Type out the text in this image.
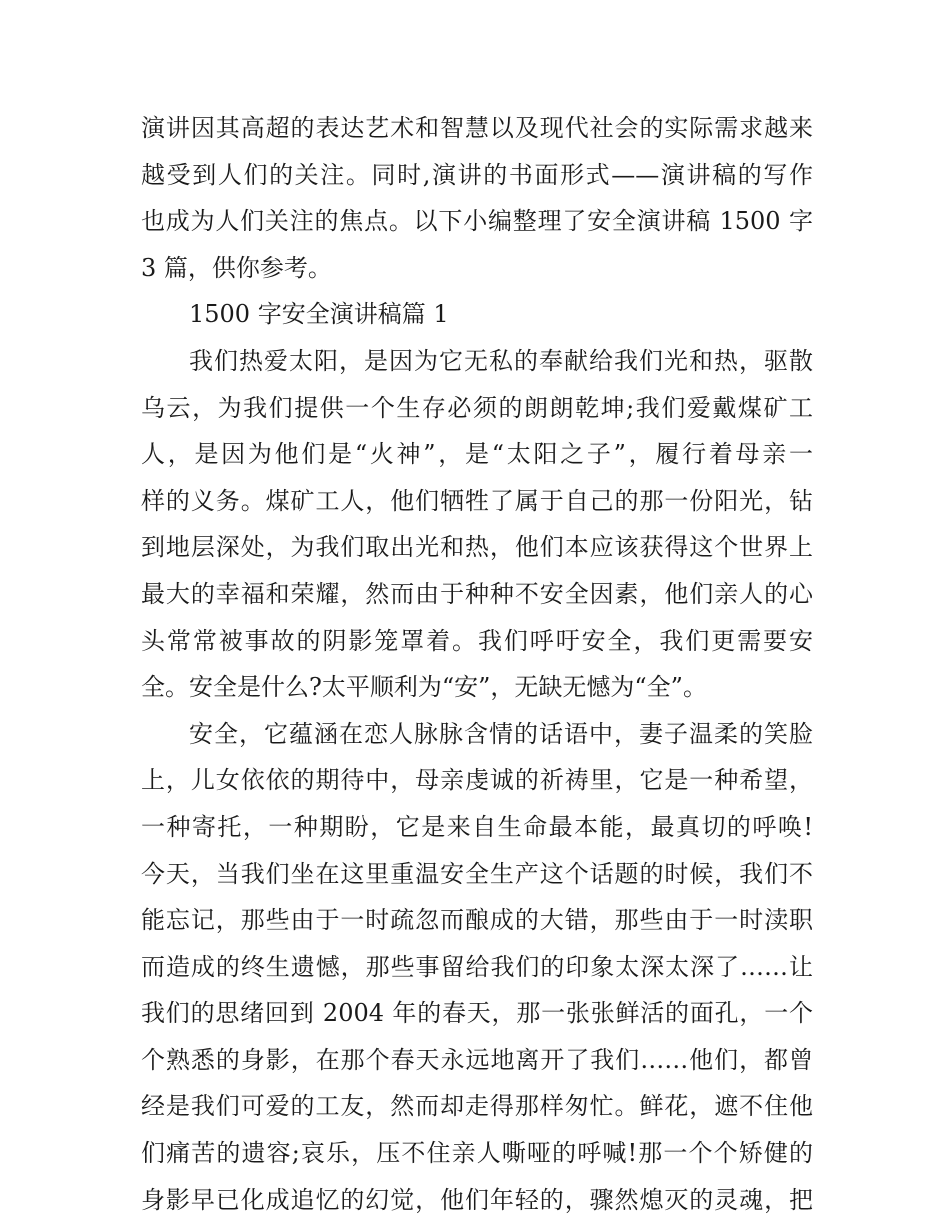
演讲因其高超的表达艺术和智慧以及现代社会的实际需求越来
越受到人们的关注。同时,演讲的书面形式——演讲稿的写作
也成为人们关注的焦点。以下小编整理了安全演讲稿 1500 字
3 篇，供你参考。
1500 字安全演讲稿篇 1
我们热爱太阳，是因为它无私的奉献给我们光和热，驱散
乌云，为我们提供一个生存必须的朗朗乾坤;我们爱戴煤矿工
人，是因为他们是“火神”，是“太阳之子”，履行着母亲一
样的义务。煤矿工人，他们牺牲了属于自己的那一份阳光，钻
到地层深处，为我们取出光和热，他们本应该获得这个世界上
最大的幸福和荣耀，然而由于种种不安全因素，他们亲人的心
头常常被事故的阴影笼罩着。我们呼吁安全，我们更需要安
全。安全是什么?太平顺利为“安”，无缺无憾为“全”。
安全，它蕴涵在恋人脉脉含情的话语中，妻子温柔的笑脸
上，儿女依依的期待中，母亲虔诚的祈祷里，它是一种希望，
一种寄托，一种期盼，它是来自生命最本能，最真切的呼唤!
今天，当我们坐在这里重温安全生产这个话题的时候，我们不
能忘记，那些由于一时疏忽而酿成的大错，那些由于一时渎职
而造成的终生遗憾，那些事留给我们的印象太深太深了……让
我们的思绪回到 2004 年的春天，那一张张鲜活的面孔，一个
个熟悉的身影，在那个春天永远地离开了我们……他们，都曾
经是我们可爱的工友，然而却走得那样匆忙。鲜花，遮不住他
们痛苦的遗容;哀乐，压不住亲人嘶哑的呼喊!那一个个矫健的
身影早已化成追忆的幻觉，他们年轻的，骤然熄灭的灵魂，把
